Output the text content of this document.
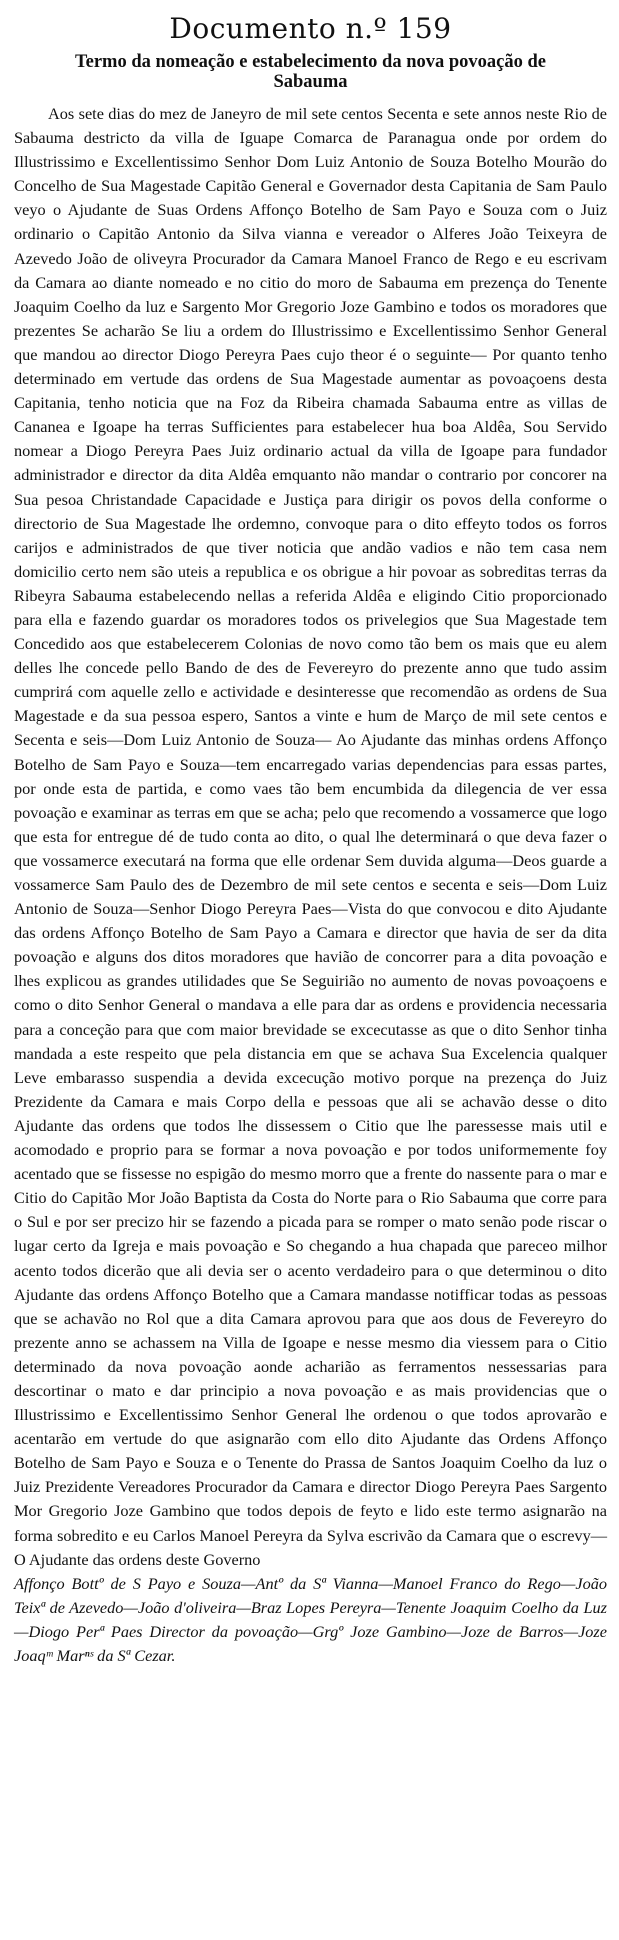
Documento n.º 159
Termo da nomeação e estabelecimento da nova povoação de Sabauma

Aos sete dias do mez de Janeyro de mil sete centos Secenta e sete annos neste Rio de Sabauma destricto da villa de Iguape Comarca de Paranagua onde por ordem do Illustrissimo e Excellentissimo Senhor Dom Luiz Antonio de Souza Botelho Mourão do Concelho de Sua Magestade Capitão General e Governador desta Capitania de Sam Paulo veyo o Ajudante de Suas Ordens Affonço Botelho de Sam Payo e Souza com o Juiz ordinario o Capitão Antonio da Silva vianna e vereador o Alferes João Teixeyra de Azevedo João de oliveyra Procurador da Camara Manoel Franco de Rego e eu escrivam da Camara ao diante nomeado e no citio do moro de Sabauma em prezença do Tenente Joaquim Coelho da luz e Sargento Mor Gregorio Joze Gambino e todos os moradores que prezentes Se acharão Se liu a ordem do Illustrissimo e Excellentissimo Senhor General que mandou ao director Diogo Pereyra Paes cujo theor é o seguinte— Por quanto tenho determinado em vertude das ordens de Sua Magestade aumentar as povoaçoens desta Capitania, tenho noticia que na Foz da Ribeira chamada Sabauma entre as villas de Cananea e Igoape ha terras Sufficientes para estabelecer hua boa Aldêa, Sou Servido nomear a Diogo Pereyra Paes Juiz ordinario actual da villa de Igoape para fundador administrador e director da dita Aldêa emquanto não mandar o contrario por concorer na Sua pesoa Christandade Capacidade e Justiça para dirigir os povos della conforme o directorio de Sua Magestade lhe ordemno, convoque para o dito effeyto todos os forros carijos e administrados de que tiver noticia que andão vadios e não tem casa nem domicilio certo nem são uteis a republica e os obrigue a hir povoar as sobreditas terras da Ribeyra Sabauma estabelecendo nellas a referida Aldêa e eligindo Citio proporcionado para ella e fazendo guardar os moradores todos os privelegios que Sua Magestade tem Concedido aos que estabelecerem Colonias de novo como tão bem os mais que eu alem delles lhe concede pello Bando de des de Fevereyro do prezente anno que tudo assim cumprirá com aquelle zello e actividade e desinteresse que recomendão as ordens de Sua Magestade e da sua pessoa espero, Santos a vinte e hum de Março de mil sete centos e Secenta e seis—Dom Luiz Antonio de Souza— Ao Ajudante das minhas ordens Affonço Botelho de Sam Payo e Souza—tem encarregado varias dependencias para essas partes, por onde esta de partida, e como vaes tão bem encumbida da dilegencia de ver essa povoação e examinar as terras em que se acha; pelo que recomendo a vossamerce que logo que esta for entregue dé de tudo conta ao dito, o qual lhe determinará o que deva fazer o que vossamerce executará na forma que elle ordenar Sem duvida alguma—Deos guarde a vossamerce Sam Paulo des de Dezembro de mil sete centos e secenta e seis—Dom Luiz Antonio de Souza—Senhor Diogo Pereyra Paes—Vista do que convocou e dito Ajudante das ordens Affonço Botelho de Sam Payo a Camara e director que havia de ser da dita povoação e alguns dos ditos moradores que havião de concorrer para a dita povoação e lhes explicou as grandes utilidades que Se Seguirião no aumento de novas povoaçoens e como o dito Senhor General o mandava a elle para dar as ordens e providencia necessaria para a conceção para que com maior brevidade se excecutasse as que o dito Senhor tinha mandada a este respeito que pela distancia em que se achava Sua Excelencia qualquer Leve embarasso suspendia a devida excecução motivo porque na prezença do Juiz Prezidente da Camara e mais Corpo della e pessoas que ali se achavão desse o dito Ajudante das ordens que todos lhe dissessem o Citio que lhe paressesse mais util e acomodado e proprio para se formar a nova povoação e por todos uniformemente foy acentado que se fissesse no espigão do mesmo morro que a frente do nassente para o mar e Citio do Capitão Mor João Baptista da Costa do Norte para o Rio Sabauma que corre para o Sul e por ser precizo hir se fazendo a picada para se romper o mato senão pode riscar o lugar certo da Igreja e mais povoação e So chegando a hua chapada que pareceo milhor acento todos dicerão que ali devia ser o acento verdadeiro para o que determinou o dito Ajudante das ordens Affonço Botelho que a Camara mandasse notifficar todas as pessoas que se achavão no Rol que a dita Camara aprovou para que aos dous de Fevereyro do prezente anno se achassem na Villa de Igoape e nesse mesmo dia viessem para o Citio determinado da nova povoação aonde acharião as ferramentos nessessarias para descortinar o mato e dar principio a nova povoação e as mais providencias que o Illustrissimo e Excellentissimo Senhor General lhe ordenou o que todos aprovarão e acentarão em vertude do que asignarão com ello dito Ajudante das Ordens Affonço Botelho de Sam Payo e Souza e o Tenente do Prassa de Santos Joaquim Coelho da luz o Juiz Prezidente Vereadores Procurador da Camara e director Diogo Pereyra Paes Sargento Mor Gregorio Joze Gambino que todos depois de feyto e lido este termo asignarão na forma sobredito e eu Carlos Manoel Pereyra da Sylva escrivão da Camara que o escrevy—O Ajudante das ordens deste Governo

Affonço Bottº de S Payo e Souza—Antº da Sª Vianna—Manoel Franco do Rego—João Teixª de Azevedo—João d'oliveira—Braz Lopes Pereyra—Tenente Joaquim Coelho da Luz—Diogo Perª Paes Director da povoação—Grgº Joze Gambino—Joze de Barros—Joze Joaqᵐ Marⁿˢ da Sª Cezar.
